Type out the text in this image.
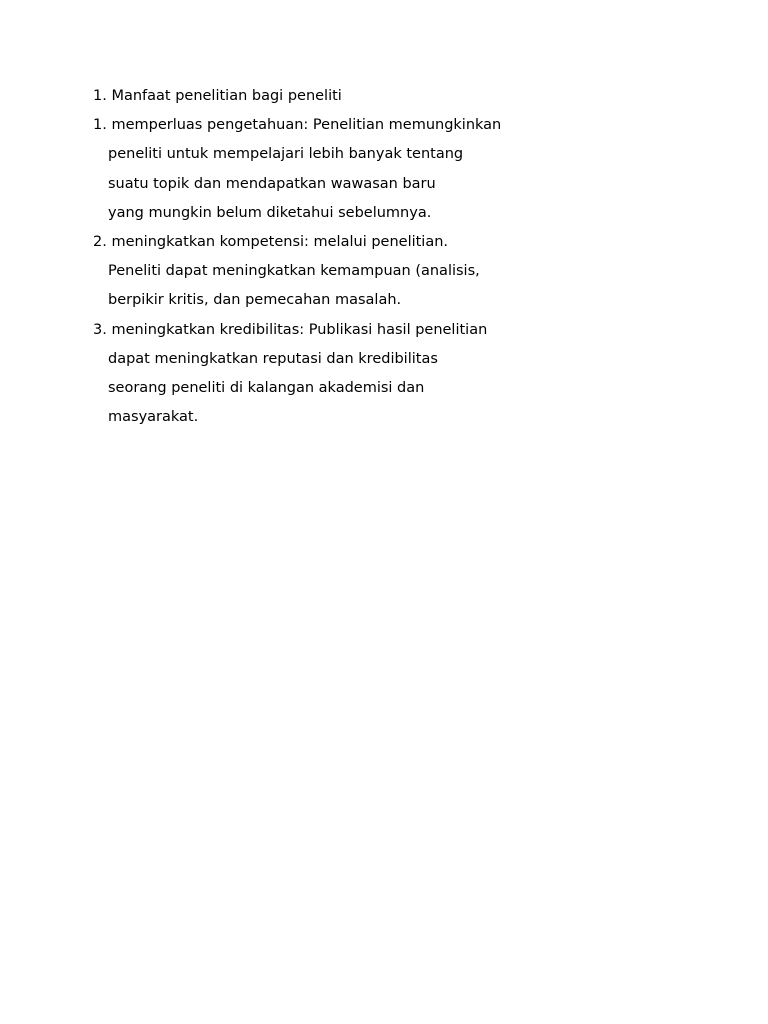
1. Manfaat penelitian bagi peneliti
1. memperluas pengetahuan: Penelitian memungkinkan
peneliti untuk mempelajari lebih banyak tentang
suatu topik dan mendapatkan wawasan baru
yang mungkin belum diketahui sebelumnya.
2. meningkatkan kompetensi: melalui penelitian.
Peneliti dapat meningkatkan kemampuan (analisis,
berpikir kritis, dan pemecahan masalah.
3. meningkatkan kredibilitas: Publikasi hasil penelitian
dapat meningkatkan reputasi dan kredibilitas
seorang peneliti di kalangan akademisi dan
masyarakat.
